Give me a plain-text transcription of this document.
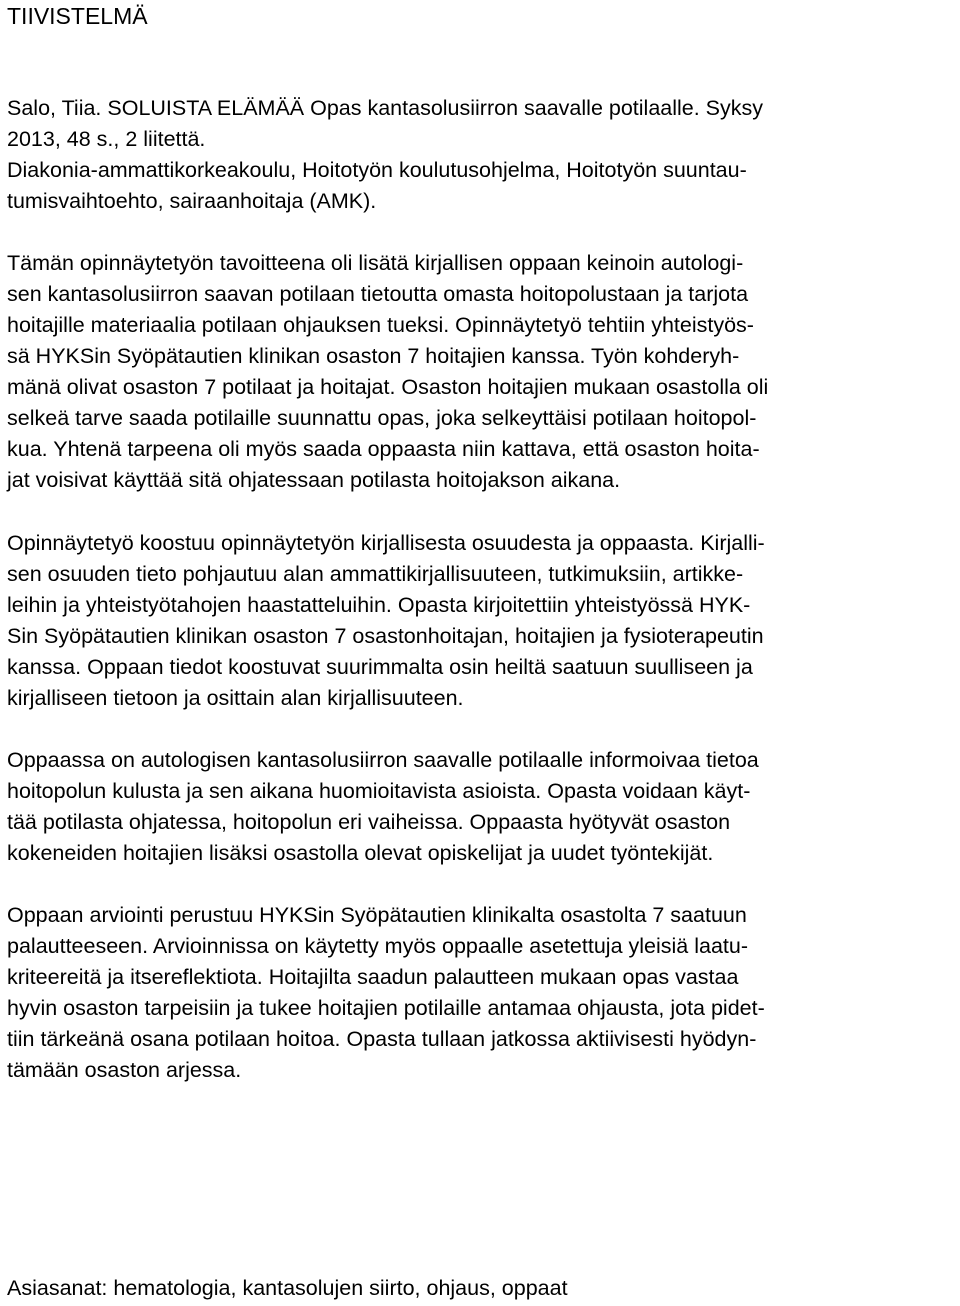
TIIVISTELMÄ
Salo, Tiia. SOLUISTA ELÄMÄÄ Opas kantasolusiirron saavalle potilaalle. Syksy
2013, 48 s., 2 liitettä.
Diakonia-ammattikorkeakoulu, Hoitotyön koulutusohjelma, Hoitotyön suuntau-
tumisvaihtoehto, sairaanhoitaja (AMK).
Tämän opinnäytetyön tavoitteena oli lisätä kirjallisen oppaan keinoin autologi-
sen kantasolusiirron saavan potilaan tietoutta omasta hoitopolustaan ja tarjota
hoitajille materiaalia potilaan ohjauksen tueksi. Opinnäytetyö tehtiin yhteistyös-
sä HYKSin Syöpätautien klinikan osaston 7 hoitajien kanssa. Työn kohderyh-
mänä olivat osaston 7 potilaat ja hoitajat. Osaston hoitajien mukaan osastolla oli
selkeä tarve saada potilaille suunnattu opas, joka selkeyttäisi potilaan hoitopol-
kua. Yhtenä tarpeena oli myös saada oppaasta niin kattava, että osaston hoita-
jat voisivat käyttää sitä ohjatessaan potilasta hoitojakson aikana.
Opinnäytetyö koostuu opinnäytetyön kirjallisesta osuudesta ja oppaasta. Kirjalli-
sen osuuden tieto pohjautuu alan ammattikirjallisuuteen, tutkimuksiin, artikke-
leihin ja yhteistyötahojen haastatteluihin. Opasta kirjoitettiin yhteistyössä HYK-
Sin Syöpätautien klinikan osaston 7 osastonhoitajan, hoitajien ja fysioterapeutin
kanssa. Oppaan tiedot koostuvat suurimmalta osin heiltä saatuun suulliseen ja
kirjalliseen tietoon ja osittain alan kirjallisuuteen.
Oppaassa on autologisen kantasolusiirron saavalle potilaalle informoivaa tietoa
hoitopolun kulusta ja sen aikana huomioitavista asioista. Opasta voidaan käyt-
tää potilasta ohjatessa, hoitopolun eri vaiheissa. Oppaasta hyötyvät osaston
kokeneiden hoitajien lisäksi osastolla olevat opiskelijat ja uudet työntekijät.
Oppaan arviointi perustuu HYKSin Syöpätautien klinikalta osastolta 7 saatuun
palautteeseen. Arvioinnissa on käytetty myös oppaalle asetettuja yleisiä laatu-
kriteereitä ja itsereflektiota. Hoitajilta saadun palautteen mukaan opas vastaa
hyvin osaston tarpeisiin ja tukee hoitajien potilaille antamaa ohjausta, jota pidet-
tiin tärkeänä osana potilaan hoitoa. Opasta tullaan jatkossa aktiivisesti hyödyn-
tämään osaston arjessa.
Asiasanat: hematologia, kantasolujen siirto, ohjaus, oppaat
